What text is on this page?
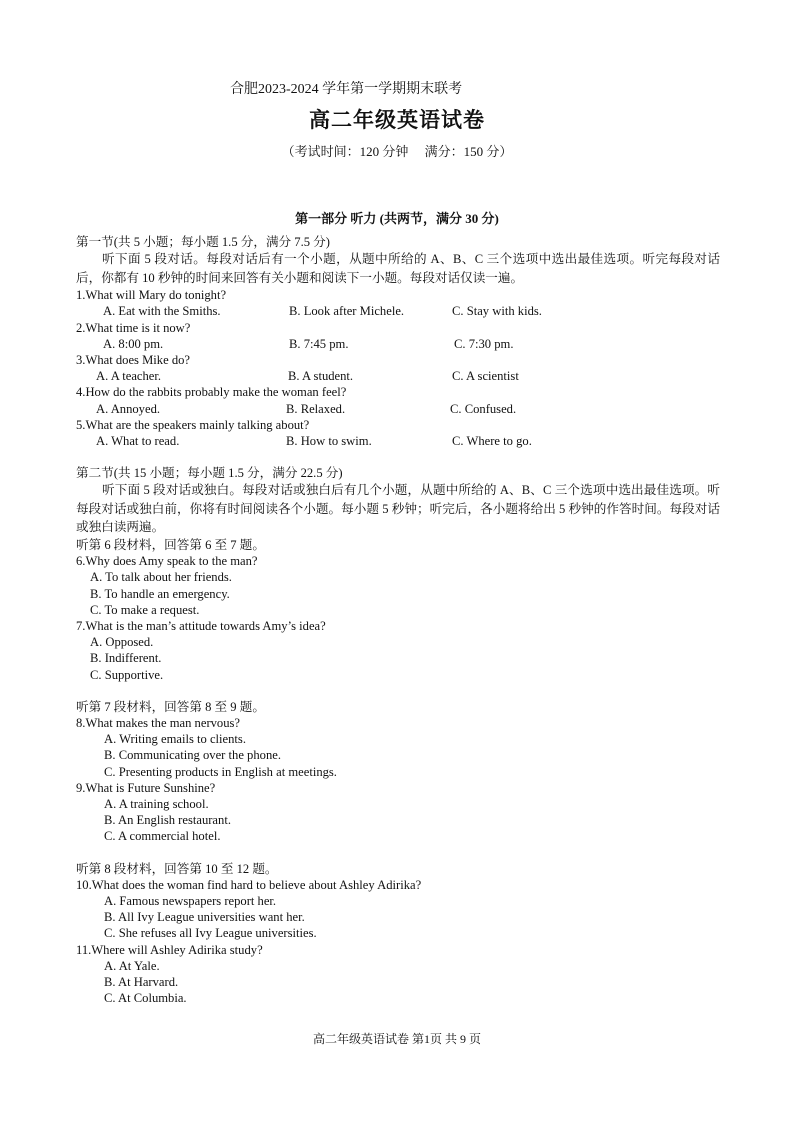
合肥2023-2024 学年第一学期期末联考
高二年级英语试卷
（考试时间：120 分钟　 满分：150 分）
第一部分 听力 (共两节，满分 30 分)
第一节(共 5 小题；每小题 1.5 分，满分 7.5 分)
听下面 5 段对话。每段对话后有一个小题，从题中所给的 A、B、C 三个选项中选出最佳选项。听完每段对话后，你都有 10 秒钟的时间来回答有关小题和阅读下一小题。每段对话仅读一遍。
1.What will Mary do tonight?
A. Eat with the Smiths.	B. Look after Michele.	C. Stay with kids.
2.What time is it now?
A. 8:00 pm.	B. 7:45 pm.	C. 7:30 pm.
3.What does Mike do?
A. A teacher.	B. A student.	C. A scientist
4.How do the rabbits probably make the woman feel?
A. Annoyed.	B. Relaxed.	C. Confused.
5.What are the speakers mainly talking about?
A. What to read.	B. How to swim.	C. Where to go.
第二节(共 15 小题；每小题 1.5 分，满分 22.5 分)
听下面 5 段对话或独白。每段对话或独白后有几个小题，从题中所给的 A、B、C 三个选项中选出最佳选项。听每段对话或独白前，你将有时间阅读各个小题。每小题 5 秒钟；听完后，各小题将给出 5 秒钟的作答时间。每段对话或独白读两遍。
听第 6 段材料，回答第 6 至 7 题。
6.Why does Amy speak to the man?
A. To talk about her friends.
B. To handle an emergency.
C. To make a request.
7.What is the man’s attitude towards Amy’s idea?
A. Opposed.
B. Indifferent.
C. Supportive.
听第 7 段材料，回答第 8 至 9 题。
8.What makes the man nervous?
A. Writing emails to clients.
B. Communicating over the phone.
C. Presenting products in English at meetings.
9.What is Future Sunshine?
A. A training school.
B. An English restaurant.
C. A commercial hotel.
听第 8 段材料，回答第 10 至 12 题。
10.What does the woman find hard to believe about Ashley Adirika?
A. Famous newspapers report her.
B. All Ivy League universities want her.
C. She refuses all Ivy League universities.
11.Where will Ashley Adirika study?
A. At Yale.
B. At Harvard.
C. At Columbia.
高二年级英语试卷 第1页 共 9 页
